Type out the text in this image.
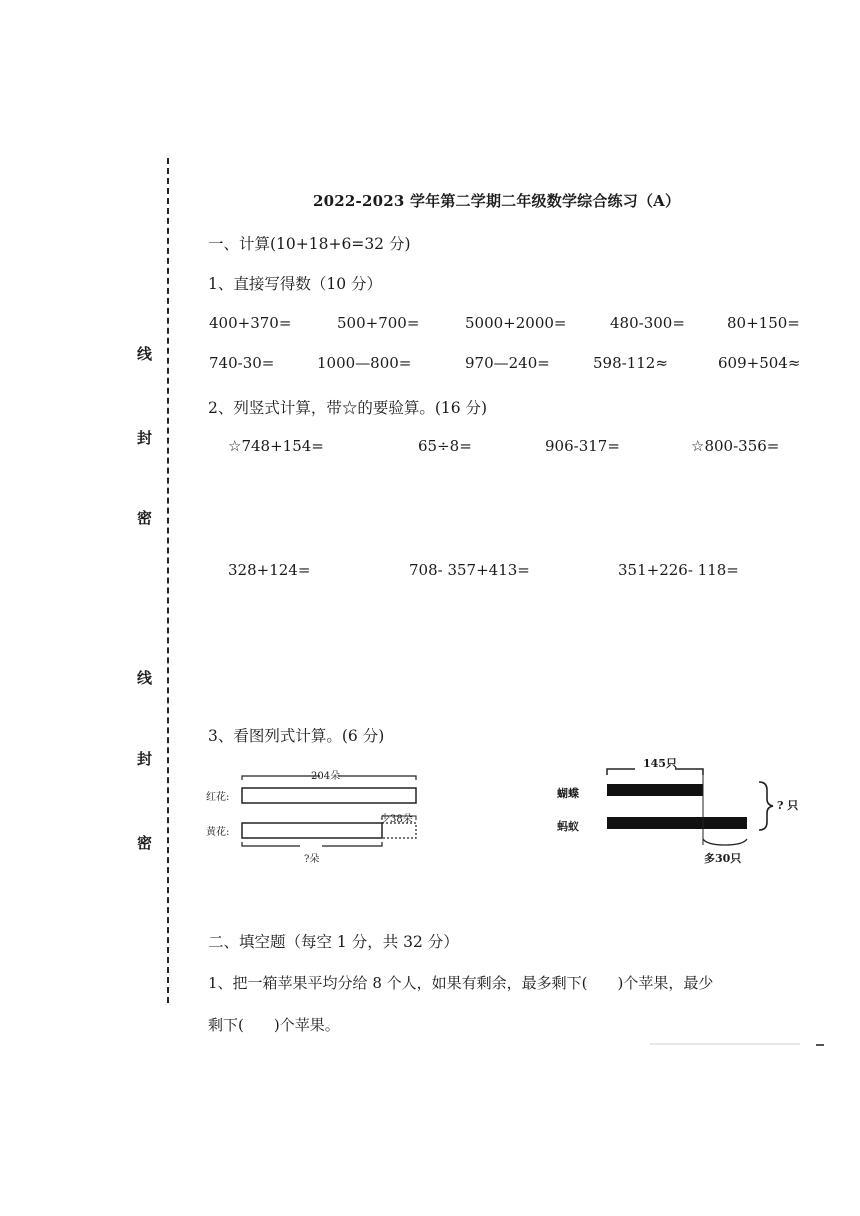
线
封
密
线
封
密
2022-2023 学年第二学期二年级数学综合练习（A）
一、计算(10+18+6=32 分)
1、直接写得数（10 分）
400+370=	500+700=	5000+2000=	480-300=	80+150=
740-30=	1000—800=	970—240=	598-112≈	609+504≈
2、列竖式计算，带☆的要验算。(16 分)
☆748+154=	65÷8=	906-317=	☆800-356=
328+124=	708- 357+413=	351+226- 118=
3、看图列式计算。(6 分)
204朵
红花:
黄花:
少38朵
?朵
145只
蝴蝶
蚂蚁
多30只
? 只
二、填空题（每空 1 分，共 32 分）
1、把一箱苹果平均分给 8 个人，如果有剩余，最多剩下(　　)个苹果，最少
剩下(　　)个苹果。
